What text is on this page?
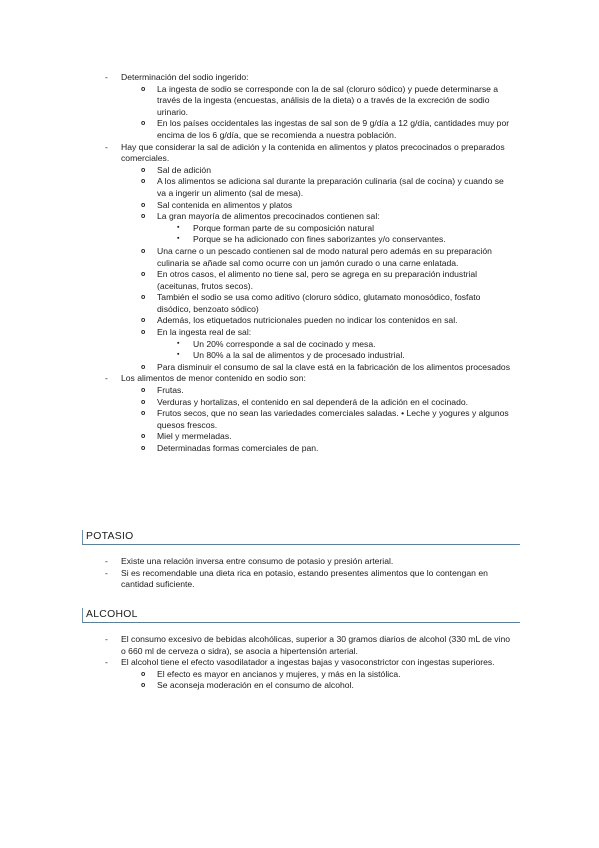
- Determinación del sodio ingerido:
o La ingesta de sodio se corresponde con la de sal (cloruro sódico) y puede determinarse a través de la ingesta (encuestas, análisis de la dieta) o a través de la excreción de sodio urinario.
o En los países occidentales las ingestas de sal son de 9 g/día a 12 g/día, cantidades muy por encima de los 6 g/día, que se recomienda a nuestra población.
- Hay que considerar la sal de adición y la contenida en alimentos y platos precocinados o preparados comerciales.
o Sal de adición
o A los alimentos se adiciona sal durante la preparación culinaria (sal de cocina) y cuando se va a ingerir un alimento (sal de mesa).
o Sal contenida en alimentos y platos
o La gran mayoría de alimentos precocinados contienen sal:
▪ Porque forman parte de su composición natural
▪ Porque se ha adicionado con fines saborizantes y/o conservantes.
o Una carne o un pescado contienen sal de modo natural pero además en su preparación culinaria se añade sal como ocurre con un jamón curado o una carne enlatada.
o En otros casos, el alimento no tiene sal, pero se agrega en su preparación industrial (aceitunas, frutos secos).
o También el sodio se usa como aditivo (cloruro sódico, glutamato monosódico, fosfato disódico, benzoato sódico)
o Además, los etiquetados nutricionales pueden no indicar los contenidos en sal.
o En la ingesta real de sal:
▪ Un 20% corresponde a sal de cocinado y mesa.
▪ Un 80% a la sal de alimentos y de procesado industrial.
o Para disminuir el consumo de sal la clave está en la fabricación de los alimentos procesados
- Los alimentos de menor contenido en sodio son:
o Frutas.
o Verduras y hortalizas, el contenido en sal dependerá de la adición en el cocinado.
o Frutos secos, que no sean las variedades comerciales saladas. • Leche y yogures y algunos quesos frescos.
o Miel y mermeladas.
o Determinadas formas comerciales de pan.
POTASIO
- Existe una relación inversa entre consumo de potasio y presión arterial.
- Si es recomendable una dieta rica en potasio, estando presentes alimentos que lo contengan en cantidad suficiente.
ALCOHOL
- El consumo excesivo de bebidas alcohólicas, superior a 30 gramos diarios de alcohol (330 mL de vino o 660 ml de cerveza o sidra), se asocia a hipertensión arterial.
- El alcohol tiene el efecto vasodilatador a ingestas bajas y vasoconstrictor con ingestas superiores.
o El efecto es mayor en ancianos y mujeres, y más en la sistólica.
o Se aconseja moderación en el consumo de alcohol.
